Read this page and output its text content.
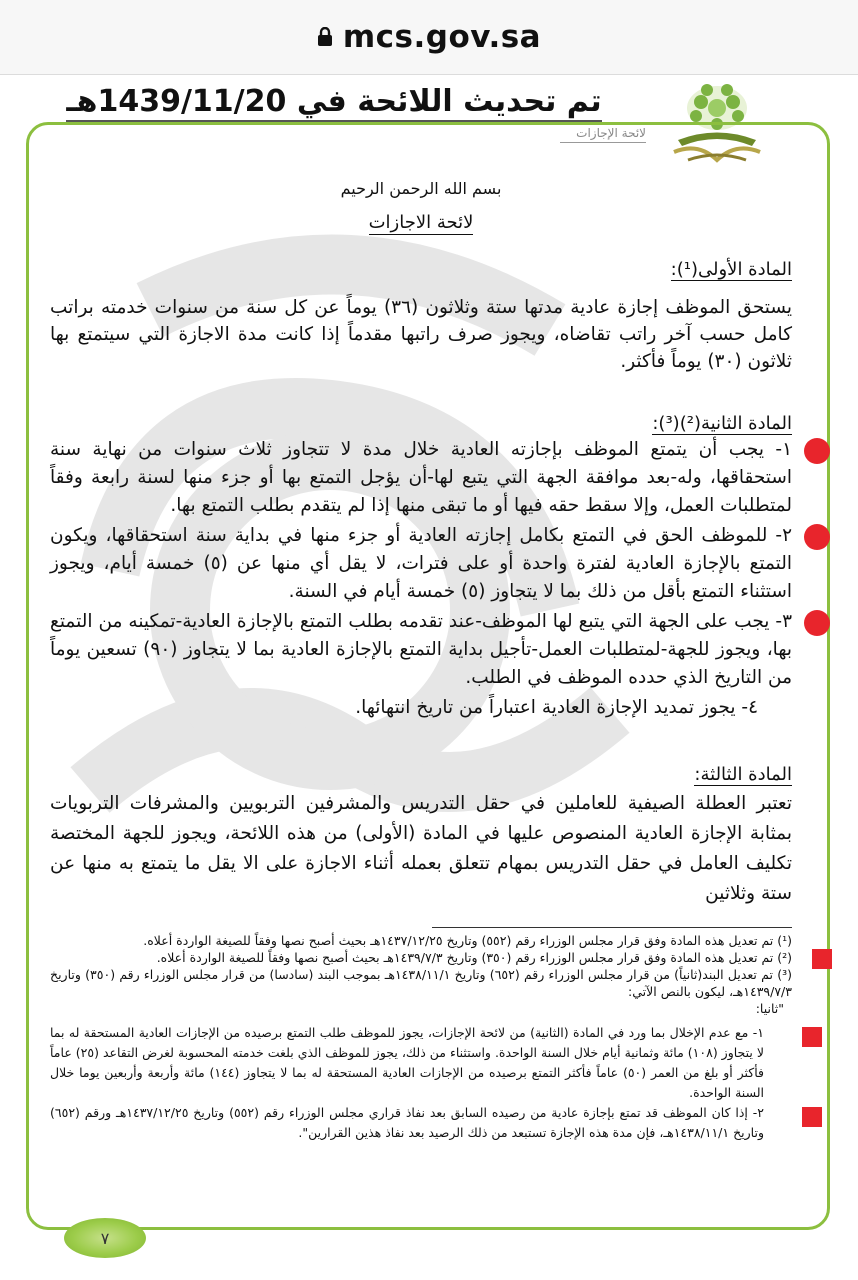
mcs.gov.sa
تم تحديث اللائحة في 1439/11/20هـ
لائحة الإجازات
بسم الله الرحمن الرحيم
لائحة الاجازات
المادة الأولى(¹):
يستحق الموظف إجازة عادية مدتها ستة وثلاثون (٣٦) يوماً عن كل سنة من سنوات خدمته براتب كامل حسب آخر راتب تقاضاه، ويجوز صرف راتبها مقدماً إذا كانت مدة الاجازة التي سيتمتع بها ثلاثون (٣٠) يوماً فأكثر.
المادة الثانية(²)(³):
١- يجب أن يتمتع الموظف بإجازته العادية خلال مدة لا تتجاوز ثلاث سنوات من نهاية سنة استحقاقها، وله-بعد موافقة الجهة التي يتبع لها-أن يؤجل التمتع بها أو جزء منها لسنة رابعة وفقاً لمتطلبات العمل، وإلا سقط حقه فيها أو ما تبقى منها إذا لم يتقدم بطلب التمتع بها.
٢- للموظف الحق في التمتع بكامل إجازته العادية أو جزء منها في بداية سنة استحقاقها، ويكون التمتع بالإجازة العادية لفترة واحدة أو على فترات، لا يقل أي منها عن (٥) خمسة أيام، ويجوز استثناء التمتع بأقل من ذلك بما لا يتجاوز (٥) خمسة أيام في السنة.
٣- يجب على الجهة التي يتبع لها الموظف-عند تقدمه بطلب التمتع بالإجازة العادية-تمكينه من التمتع بها، ويجوز للجهة-لمتطلبات العمل-تأجيل بداية التمتع بالإجازة العادية بما لا يتجاوز (٩٠) تسعين يوماً من التاريخ الذي حدده الموظف في الطلب.
٤- يجوز تمديد الإجازة العادية اعتباراً من تاريخ انتهائها.
المادة الثالثة:
تعتبر العطلة الصيفية للعاملين في حقل التدريس والمشرفين التربويين والمشرفات التربويات بمثابة الإجازة العادية المنصوص عليها في المادة (الأولى) من هذه اللائحة، ويجوز للجهة المختصة تكليف العامل في حقل التدريس بمهام تتعلق بعمله أثناء الاجازة على الا يقل ما يتمتع به منها عن ستة وثلاثين
(¹) تم تعديل هذه المادة وفق قرار مجلس الوزراء رقم (٥٥٢) وتاريخ ١٤٣٧/١٢/٢٥هـ بحيث أصبح نصها وفقاً للصيغة الواردة أعلاه.
(²) تم تعديل هذه المادة وفق قرار مجلس الوزراء رقم (٣٥٠) وتاريخ ١٤٣٩/٧/٣هـ بحيث أصبح نصها وفقاً للصيغة الواردة أعلاه.
(³) تم تعديل البند(ثانياً) من قرار مجلس الوزراء رقم (٦٥٢) وتاريخ ١٤٣٨/١١/١هـ بموجب البند (سادسا) من قرار مجلس الوزراء رقم (٣٥٠) وتاريخ ١٤٣٩/٧/٣هـ، ليكون بالنص الآتي:
"ثانيا:
١- مع عدم الإخلال بما ورد في المادة (الثانية) من لائحة الإجازات، يجوز للموظف طلب التمتع برصيده من الإجازات العادية المستحقة له بما لا يتجاوز (١٠٨) مائة وثمانية أيام خلال السنة الواحدة. واستثناء من ذلك، يجوز للموظف الذي بلغت خدمته المحسوبة لغرض التقاعد (٢٥) عاماً فأكثر أو بلغ من العمر (٥٠) عاماً فأكثر التمتع برصيده من الإجازات العادية المستحقة له بما لا يتجاوز (١٤٤) مائة وأربعة وأربعين يوما خلال السنة الواحدة.
٢- إذا كان الموظف قد تمتع بإجازة عادية من رصيده السابق بعد نفاذ قراري مجلس الوزراء رقم (٥٥٢) وتاريخ ١٤٣٧/١٢/٢٥هـ ورقم (٦٥٢) وتاريخ ١٤٣٨/١١/١هـ، فإن مدة هذه الإجازة تستبعد من ذلك الرصيد بعد نفاذ هذين القرارين".
٧
